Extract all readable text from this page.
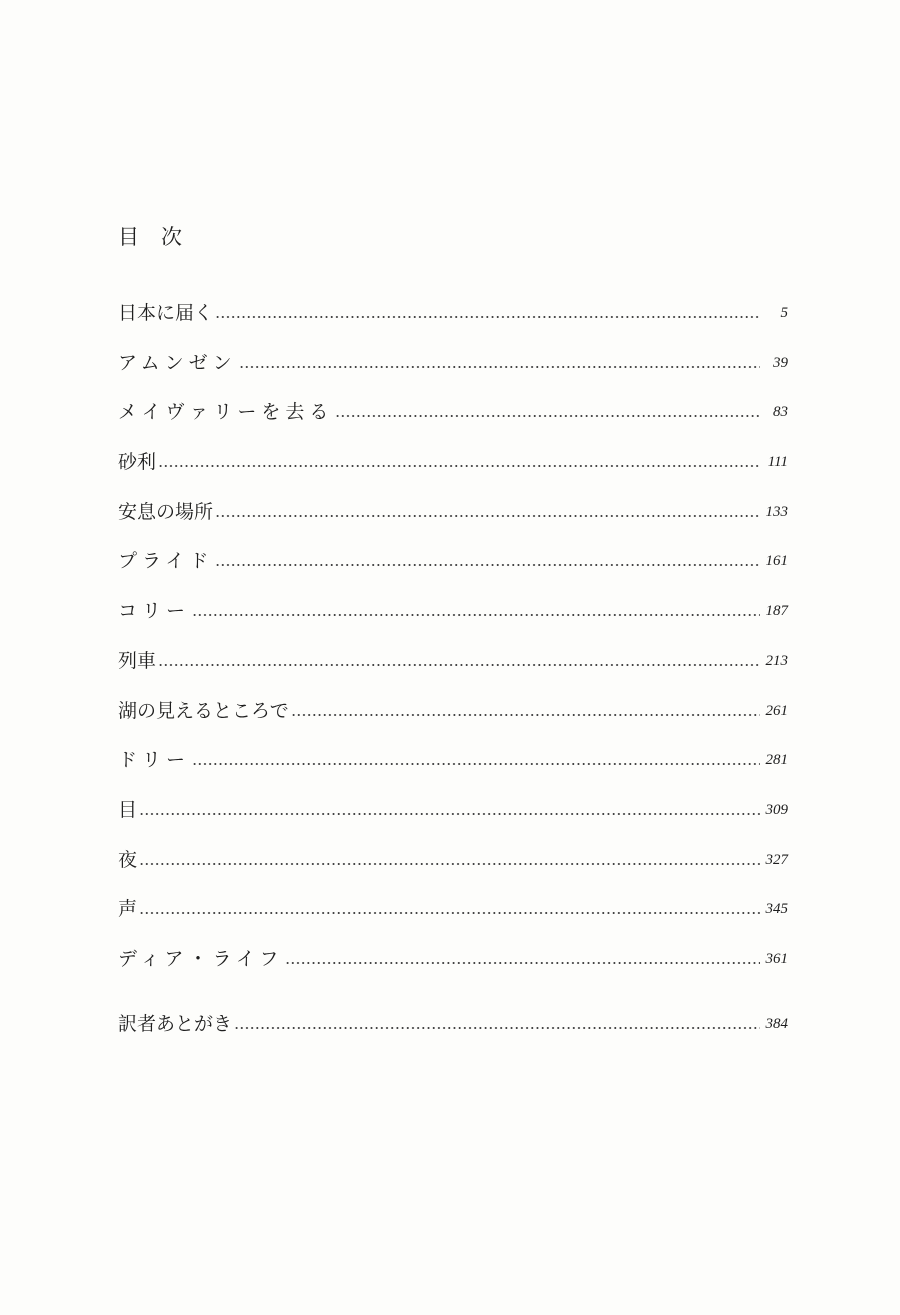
目 次
日本に届く	5
アムンゼン	39
メイヴァリーを去る	83
砂利	111
安息の場所	133
プライド	161
コリー	187
列車	213
湖の見えるところで	261
ドリー	281
目	309
夜	327
声	345
ディア・ライフ	361
訳者あとがき	384
